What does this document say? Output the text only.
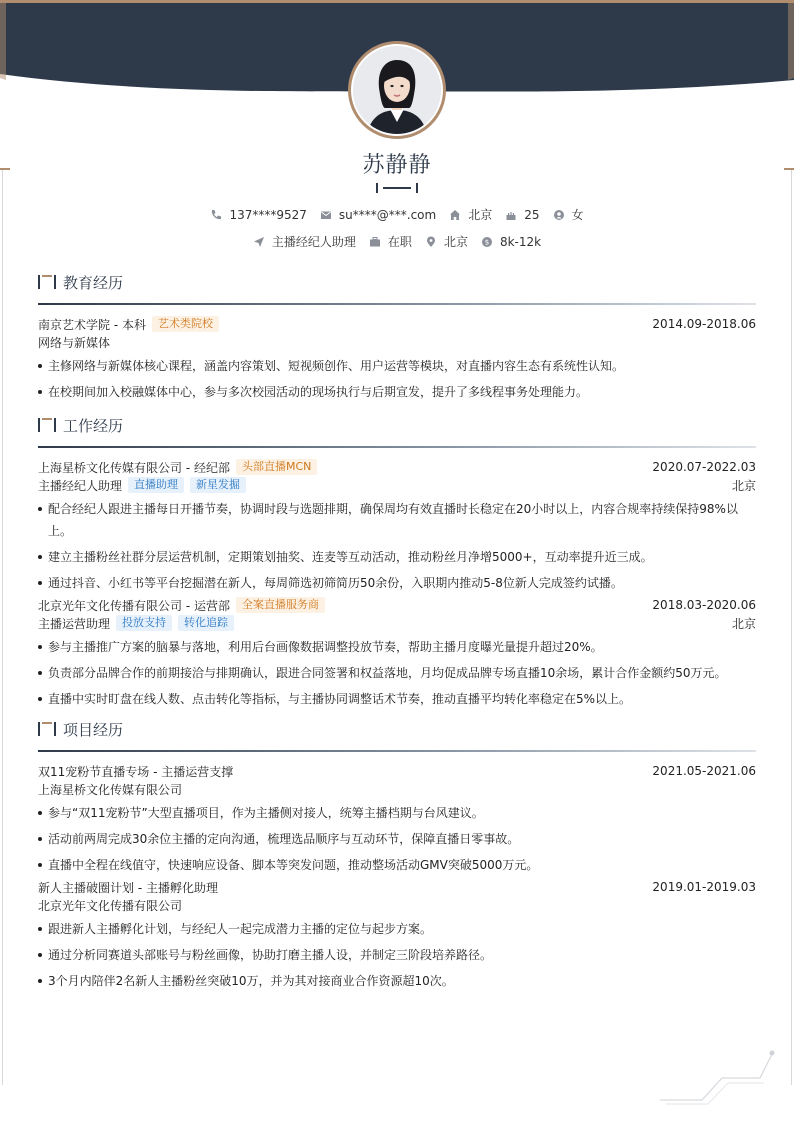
苏静静
137****9527	su****@***.com	北京	25	女
主播经纪人助理	在职	北京 $ 8k-12k
教育经历
南京艺术学院 - 本科	艺术类院校	2014.09-2018.06
网络与新媒体
主修网络与新媒体核心课程，涵盖内容策划、短视频创作、用户运营等模块，对直播内容生态有系统性认知。
在校期间加入校融媒体中心，参与多次校园活动的现场执行与后期宣发，提升了多线程事务处理能力。
工作经历
上海星桥文化传媒有限公司 - 经纪部	头部直播MCN	2020.07-2022.03
主播经纪人助理	直播助理	新星发掘	北京
配合经纪人跟进主播每日开播节奏，协调时段与选题排期，确保周均有效直播时长稳定在20小时以上，内容合规率持续保持98%以上。
建立主播粉丝社群分层运营机制，定期策划抽奖、连麦等互动活动，推动粉丝月净增5000+，互动率提升近三成。
通过抖音、小红书等平台挖掘潜在新人，每周筛选初筛简历50余份，入职期内推动5-8位新人完成签约试播。
北京光年文化传播有限公司 - 运营部	全案直播服务商	2018.03-2020.06
主播运营助理	投放支持	转化追踪	北京
参与主播推广方案的脑暴与落地，利用后台画像数据调整投放节奏，帮助主播月度曝光量提升超过20%。
负责部分品牌合作的前期接洽与排期确认，跟进合同签署和权益落地，月均促成品牌专场直播10余场，累计合作金额约50万元。
直播中实时盯盘在线人数、点击转化等指标，与主播协同调整话术节奏，推动直播平均转化率稳定在5%以上。
项目经历
双11宠粉节直播专场 - 主播运营支撑	2021.05-2021.06
上海星桥文化传媒有限公司
参与“双11宠粉节”大型直播项目，作为主播侧对接人，统筹主播档期与台风建议。
活动前两周完成30余位主播的定向沟通，梳理选品顺序与互动环节，保障直播日零事故。
直播中全程在线值守，快速响应设备、脚本等突发问题，推动整场活动GMV突破5000万元。
新人主播破圈计划 - 主播孵化助理	2019.01-2019.03
北京光年文化传播有限公司
跟进新人主播孵化计划，与经纪人一起完成潜力主播的定位与起步方案。
通过分析同赛道头部账号与粉丝画像，协助打磨主播人设，并制定三阶段培养路径。
3个月内陪伴2名新人主播粉丝突破10万，并为其对接商业合作资源超10次。
